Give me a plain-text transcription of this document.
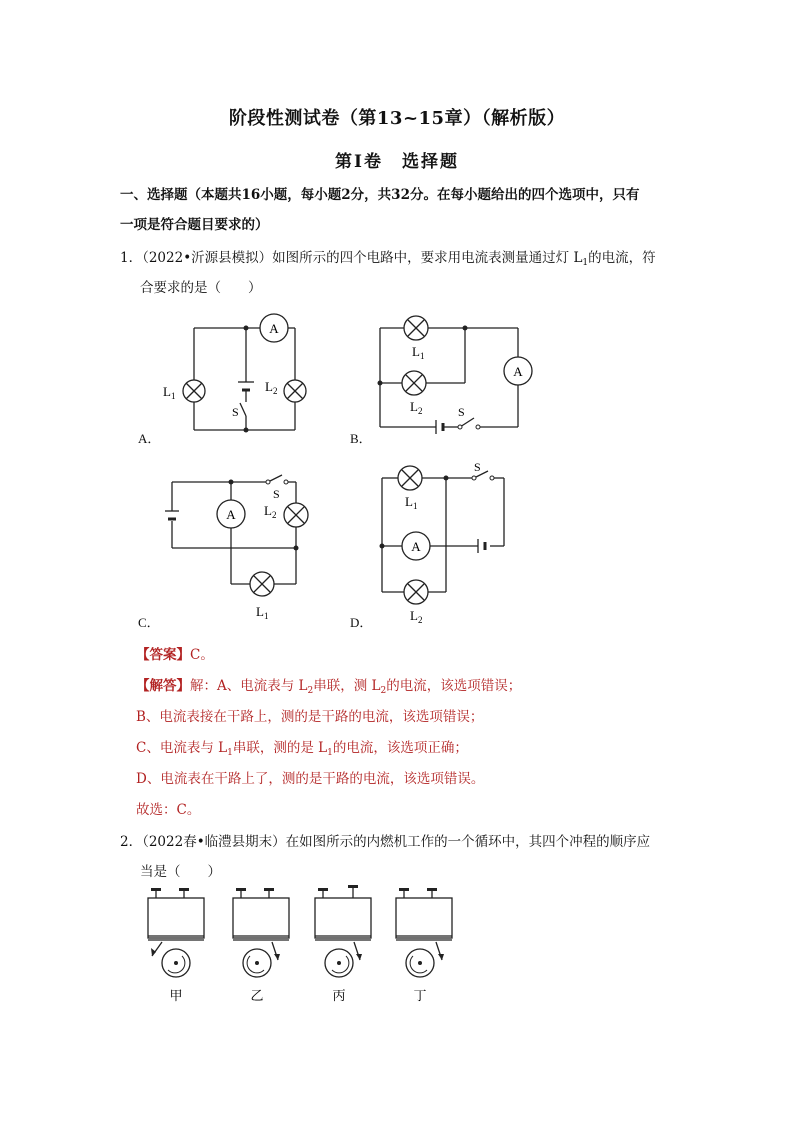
阶段性测试卷（第13~15章）（解析版）
第Ⅰ卷　选择题
一、选择题（本题共16小题，每小题2分，共32分。在每小题给出的四个选项中，只有
一项是符合题目要求的）
1．（2022•沂源县模拟）如图所示的四个电路中，要求用电流表测量通过灯 $L_1$的电流，符
合要求的是（　　）
A
$L_1$
$L_2$
S
A．
A
$L_1$
$L_2$	S
B．
A
S
$L_2$
$L_1$
C．
A
S
$L_1$
$L_2$
D．
【答案】C。
【解答】解：A、电流表与 $L_2$串联，测 $L_2$的电流，该选项错误；
B、电流表接在干路上，测的是干路的电流，该选项错误；
C、电流表与 $L_1$串联，测的是 $L_1$的电流，该选项正确；
D、电流表在干路上了，测的是干路的电流，该选项错误。
故选：C。
2．（2022春•临澧县期末）在如图所示的内燃机工作的一个循环中，其四个冲程的顺序应
当是（　　）
甲	乙	丙	丁
